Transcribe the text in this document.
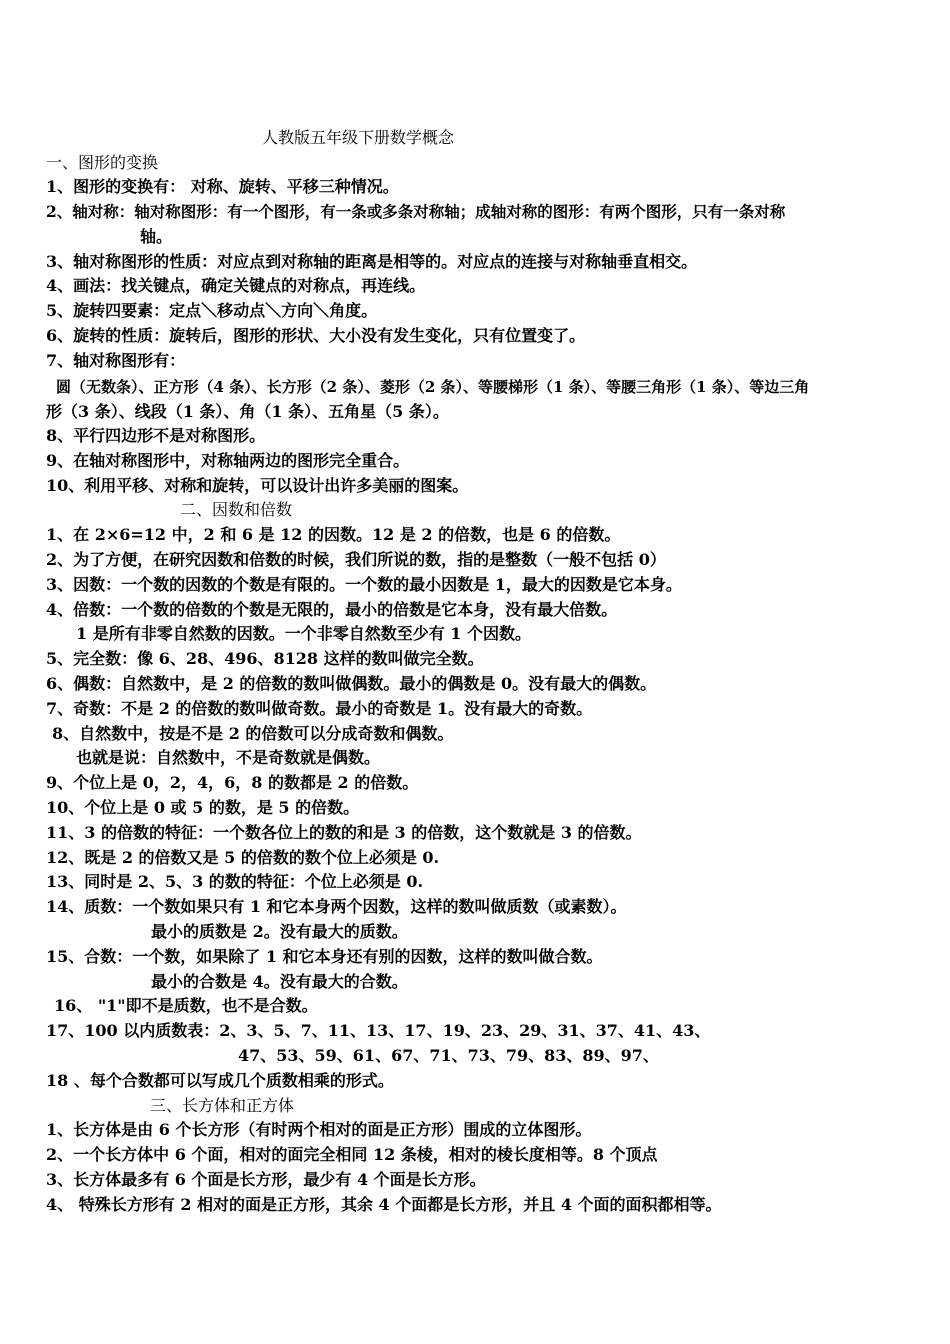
人教版五年级下册数学概念
一、图形的变换
1、图形的变换有： 对称、旋转、平移三种情况。
2、轴对称：轴对称图形：有一个图形，有一条或多条对称轴；成轴对称的图形：有两个图形，只有一条对称
轴。
3、轴对称图形的性质：对应点到对称轴的距离是相等的。对应点的连接与对称轴垂直相交。
4、画法：找关键点，确定关键点的对称点，再连线。
5、旋转四要素：定点＼移动点＼方向＼角度。
6、旋转的性质：旋转后，图形的形状、大小没有发生变化，只有位置变了。
7、轴对称图形有：
圆（无数条）、正方形（4 条）、长方形（2 条）、菱形（2 条）、等腰梯形（1 条）、等腰三角形（1 条）、等边三角
形（3 条）、线段（1 条）、角（1 条）、五角星（5 条）。
8、平行四边形不是对称图形。
9、在轴对称图形中，对称轴两边的图形完全重合。
10、利用平移、对称和旋转，可以设计出许多美丽的图案。
二、因数和倍数
1、在 2×6=12 中，2 和 6 是 12 的因数。12 是 2 的倍数，也是 6 的倍数。
2、为了方便，在研究因数和倍数的时候，我们所说的数，指的是整数（一般不包括 0）
3、因数：一个数的因数的个数是有限的。一个数的最小因数是 1，最大的因数是它本身。
4、倍数：一个数的倍数的个数是无限的，最小的倍数是它本身，没有最大倍数。
1 是所有非零自然数的因数。一个非零自然数至少有 1 个因数。
5、完全数：像 6、28、496、8128 这样的数叫做完全数。
6、偶数：自然数中，是 2 的倍数的数叫做偶数。最小的偶数是 0。没有最大的偶数。
7、奇数：不是 2 的倍数的数叫做奇数。最小的奇数是 1。没有最大的奇数。
8、自然数中，按是不是 2 的倍数可以分成奇数和偶数。
也就是说：自然数中，不是奇数就是偶数。
9、个位上是 0，2，4，6，8 的数都是 2 的倍数。
10、个位上是 0 或 5 的数，是 5 的倍数。
11、3 的倍数的特征：一个数各位上的数的和是 3 的倍数，这个数就是 3 的倍数。
12、既是 2 的倍数又是 5 的倍数的数个位上必须是 0.
13、同时是 2、5、3 的数的特征：个位上必须是 0.
14、质数：一个数如果只有 1 和它本身两个因数，这样的数叫做质数（或素数）。
最小的质数是 2。没有最大的质数。
15、合数：一个数，如果除了 1 和它本身还有别的因数，这样的数叫做合数。
最小的合数是 4。没有最大的合数。
16、 "1"即不是质数，也不是合数。
17、100 以内质数表：2、3、5、7、11、13、17、19、23、29、31、37、41、43、
47、53、59、61、67、71、73、79、83、89、97、
18 、每个合数都可以写成几个质数相乘的形式。
三、长方体和正方体
1、长方体是由 6 个长方形（有时两个相对的面是正方形）围成的立体图形。
2、一个长方体中 6 个面，相对的面完全相同 12 条棱，相对的棱长度相等。8 个顶点
3、长方体最多有 6 个面是长方形，最少有 4 个面是长方形。
4、 特殊长方形有 2 相对的面是正方形，其余 4 个面都是长方形，并且 4 个面的面积都相等。
